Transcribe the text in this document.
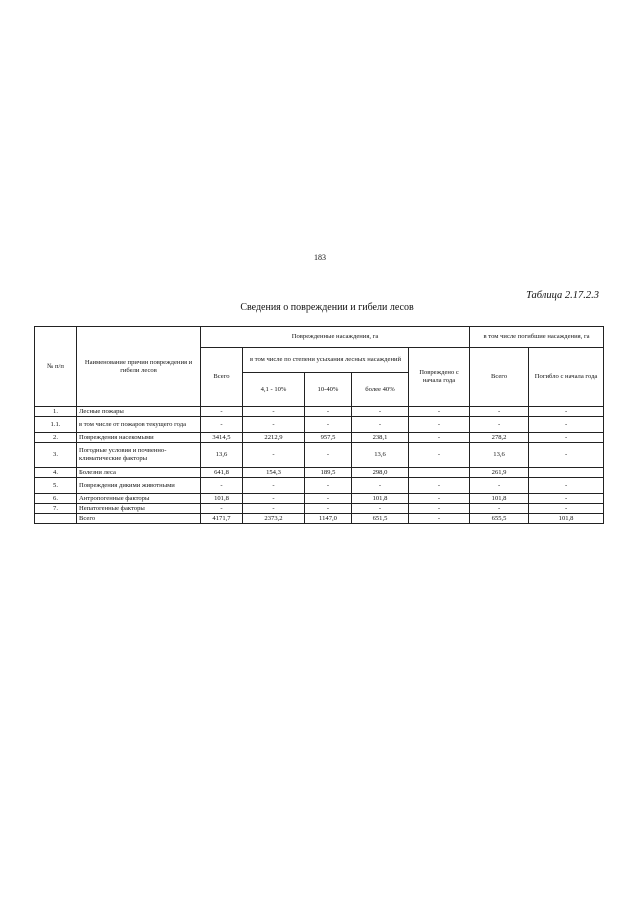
183
Таблица 2.17.2.3
Сведения о повреждении и гибели лесов
№ п/п	Наименование причин повреждения и гибели лесов	Поврежденные насаждения, га					в том числе погибшие насаждения, га	
		Всего	в том числе по степени усыхания лесных насаждений			Повреждено с начала года	Всего	Погибло с начала года
			4,1 - 10%	10-40%	более 40%			
1.	Лесные пожары	-	-	-	-	-	-	-
1.1.	в том числе от пожаров текущего года	-	-	-	-	-	-	-
2.	Повреждения насекомыми	3414,5	2212,9	957,5	238,1	-	278,2	-
3.	Погодные условия и почвенно-климатические факторы	13,6	-	-	13,6	-	13,6	-
4.	Болезни леса	641,8	154,3	189,5	298,0		261,9	
5.	Повреждения дикими животными	-	-	-	-	-	-	-
6.	Антропогенные факторы	101,8	-	-	101,8	-	101,8	-
7.	Непатогенные факторы	-	-	-	-	-	-	-
	Всего	4171,7	2373,2	1147,0	651,5	-	655,5	101,8
